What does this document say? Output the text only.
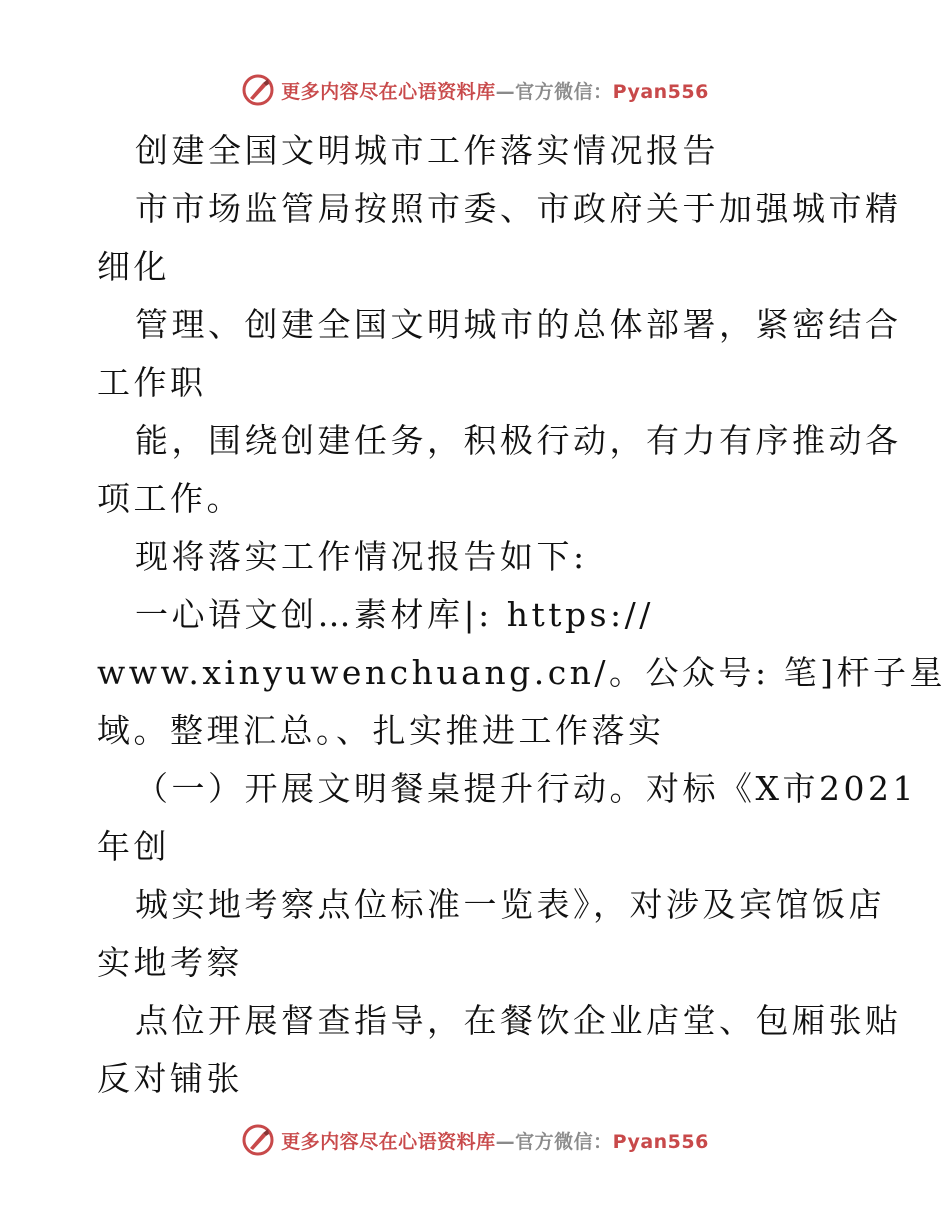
更多内容尽在心语资料库—官方微信：Pyan556
创建全国文明城市工作落实情况报告
市市场监管局按照市委、市政府关于加强城市精
细化
管理、创建全国文明城市的总体部署，紧密结合
工作职
能，围绕创建任务，积极行动，有力有序推动各
项工作。
现将落实工作情况报告如下:
一心语文创…素材库|: https://
www.xinyuwenchuang.cn/。公众号: 笔]杆子星
域。整理汇总。、扎实推进工作落实
（一）开展文明餐桌提升行动。对标《X市2021
年创
城实地考察点位标准一览表》，对涉及宾馆饭店
实地考察
点位开展督查指导，在餐饮企业店堂、包厢张贴
反对铺张
更多内容尽在心语资料库—官方微信：Pyan556
